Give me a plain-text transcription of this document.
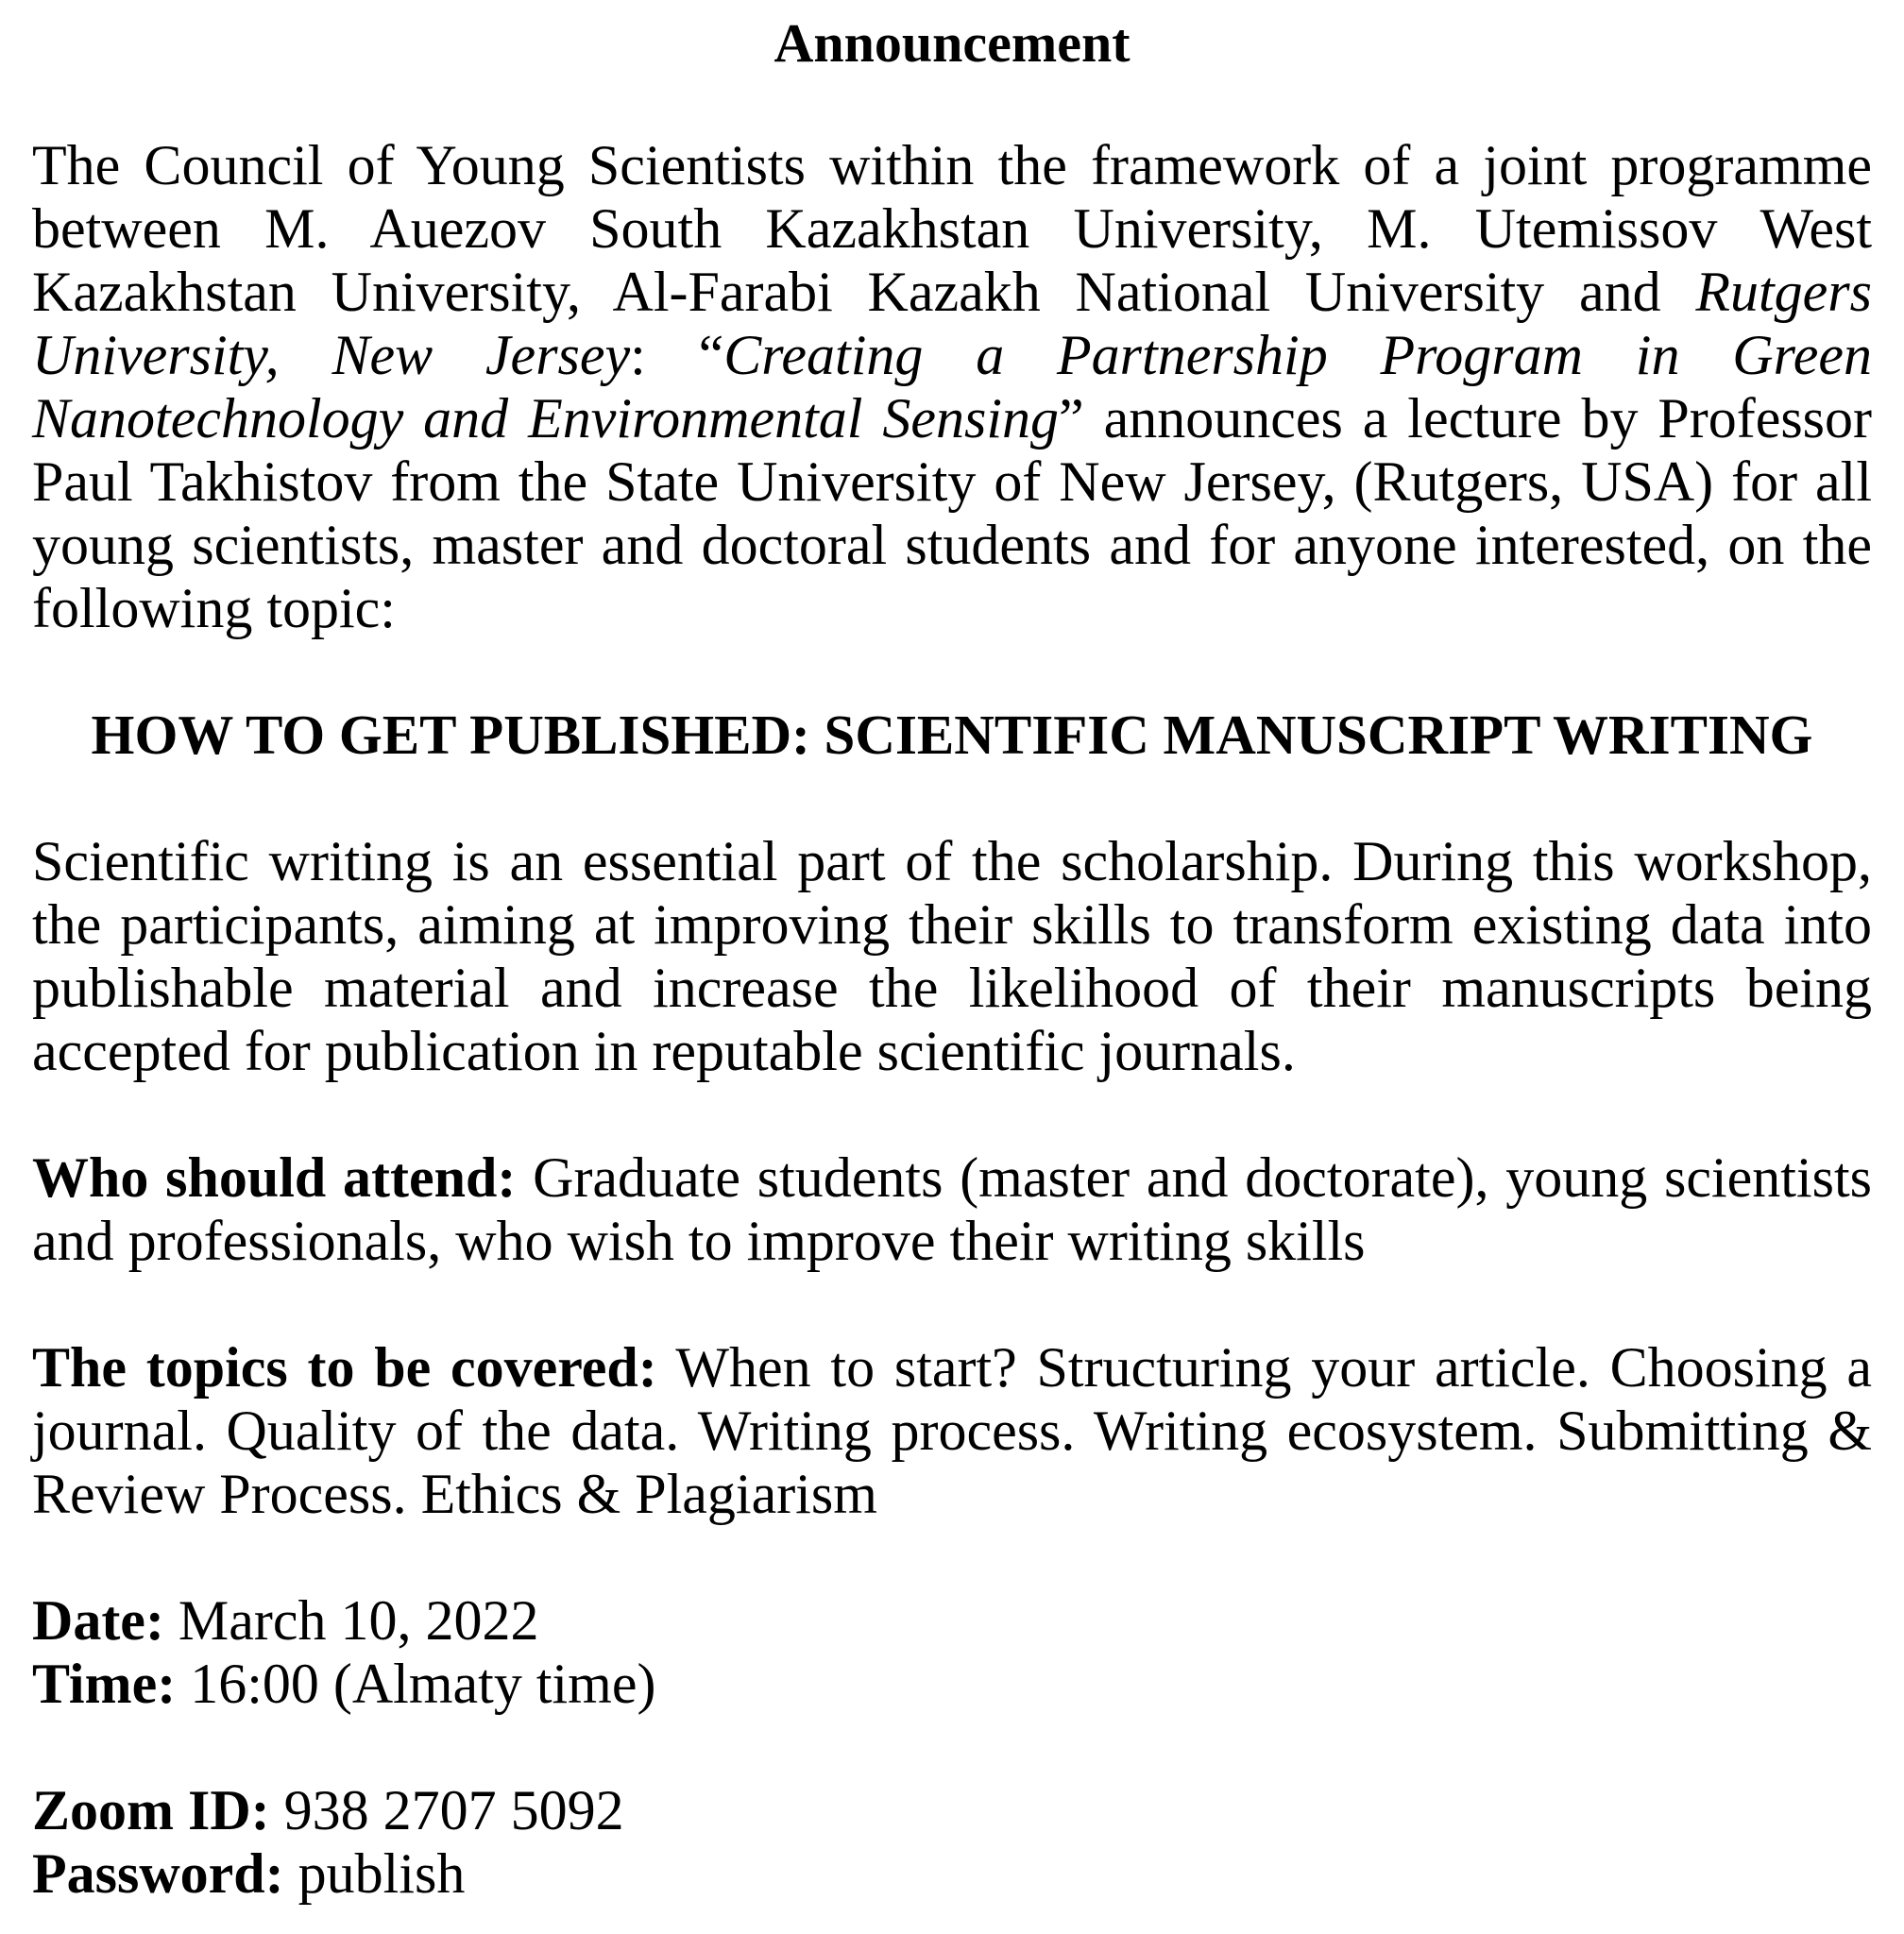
Announcement

The Council of Young Scientists within the framework of a joint programme between M. Auezov South Kazakhstan University, M. Utemissov West Kazakhstan University, Al-Farabi Kazakh National University and Rutgers University, New Jersey: “Creating a Partnership Program in Green Nanotechnology and Environmental Sensing” announces a lecture by Professor Paul Takhistov from the State University of New Jersey, (Rutgers, USA) for all young scientists, master and doctoral students and for anyone interested, on the following topic:

HOW TO GET PUBLISHED: SCIENTIFIC MANUSCRIPT WRITING

Scientific writing is an essential part of the scholarship. During this workshop, the participants, aiming at improving their skills to transform existing data into publishable material and increase the likelihood of their manuscripts being accepted for publication in reputable scientific journals.

Who should attend: Graduate students (master and doctorate), young scientists and professionals, who wish to improve their writing skills

The topics to be covered: When to start? Structuring your article. Choosing a journal. Quality of the data. Writing process. Writing ecosystem. Submitting & Review Process. Ethics & Plagiarism

Date: March 10, 2022
Time: 16:00 (Almaty time)
Zoom ID: 938 2707 5092
Password: publish
